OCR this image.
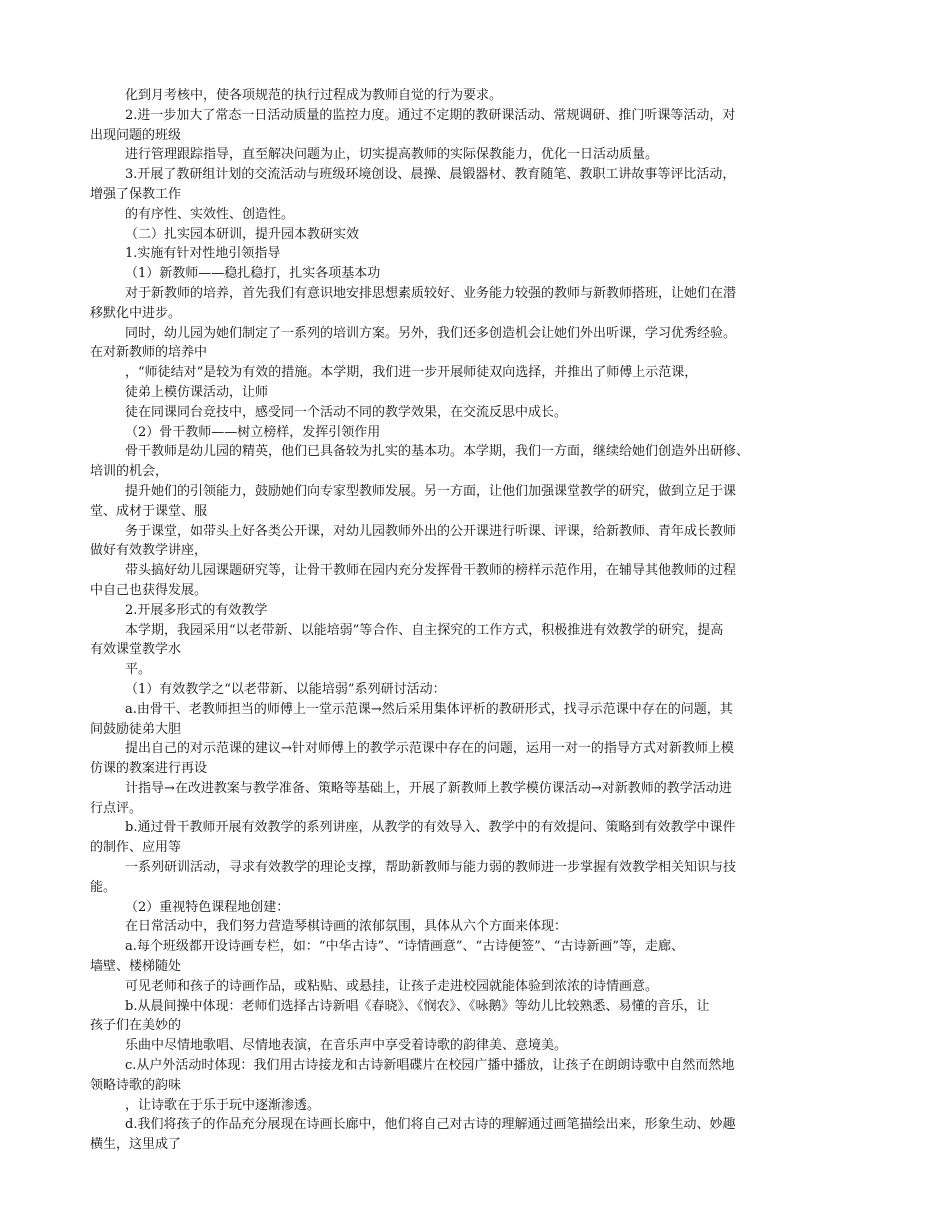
化到月考核中，使各项规范的执行过程成为教师自觉的行为要求。
2.进一步加大了常态一日活动质量的监控力度。通过不定期的教研课活动、常规调研、推门听课等活动，对
出现问题的班级
进行管理跟踪指导，直至解决问题为止，切实提高教师的实际保教能力，优化一日活动质量。
3.开展了教研组计划的交流活动与班级环境创设、晨操、晨锻器材、教育随笔、教职工讲故事等评比活动，
增强了保教工作
的有序性、实效性、创造性。
（二）扎实园本研训，提升园本教研实效
1.实施有针对性地引领指导
（1）新教师——稳扎稳打，扎实各项基本功
对于新教师的培养，首先我们有意识地安排思想素质较好、业务能力较强的教师与新教师搭班，让她们在潜
移默化中进步。
同时，幼儿园为她们制定了一系列的培训方案。另外，我们还多创造机会让她们外出听课，学习优秀经验。
在对新教师的培养中
，“师徒结对”是较为有效的措施。本学期，我们进一步开展师徒双向选择，并推出了师傅上示范课，
徒弟上模仿课活动，让师
徒在同课同台竞技中，感受同一个活动不同的教学效果，在交流反思中成长。
（2）骨干教师——树立榜样，发挥引领作用
骨干教师是幼儿园的精英，他们已具备较为扎实的基本功。本学期，我们一方面，继续给她们创造外出研修、
培训的机会，
提升她们的引领能力，鼓励她们向专家型教师发展。另一方面，让他们加强课堂教学的研究，做到立足于课
堂、成材于课堂、服
务于课堂，如带头上好各类公开课，对幼儿园教师外出的公开课进行听课、评课，给新教师、青年成长教师
做好有效教学讲座，
带头搞好幼儿园课题研究等，让骨干教师在园内充分发挥骨干教师的榜样示范作用，在辅导其他教师的过程
中自己也获得发展。
2.开展多形式的有效教学
本学期，我园采用“以老带新、以能培弱”等合作、自主探究的工作方式，积极推进有效教学的研究，提高
有效课堂教学水
平。
（1）有效教学之“以老带新、以能培弱”系列研讨活动：
a.由骨干、老教师担当的师傅上一堂示范课→然后采用集体评析的教研形式，找寻示范课中存在的问题，其
间鼓励徒弟大胆
提出自己的对示范课的建议→针对师傅上的教学示范课中存在的问题，运用一对一的指导方式对新教师上模
仿课的教案进行再设
计指导→在改进教案与教学准备、策略等基础上，开展了新教师上教学模仿课活动→对新教师的教学活动进
行点评。
b.通过骨干教师开展有效教学的系列讲座，从教学的有效导入、教学中的有效提问、策略到有效教学中课件
的制作、应用等
一系列研训活动，寻求有效教学的理论支撑，帮助新教师与能力弱的教师进一步掌握有效教学相关知识与技
能。
（2）重视特色课程地创建：
在日常活动中，我们努力营造琴棋诗画的浓郁氛围，具体从六个方面来体现：
a.每个班级都开设诗画专栏，如：“中华古诗”、“诗情画意”、“古诗便签”、“古诗新画”等，走廊、
墙壁、楼梯随处
可见老师和孩子的诗画作品，或粘贴、或悬挂，让孩子走进校园就能体验到浓浓的诗情画意。
b.从晨间操中体现：老师们选择古诗新唱《春晓》、《悯农》、《咏鹅》等幼儿比较熟悉、易懂的音乐，让
孩子们在美妙的
乐曲中尽情地歌唱、尽情地表演，在音乐声中享受着诗歌的韵律美、意境美。
c.从户外活动时体现：我们用古诗接龙和古诗新唱碟片在校园广播中播放，让孩子在朗朗诗歌中自然而然地
领略诗歌的韵味
，让诗歌在于乐于玩中逐渐渗透。
d.我们将孩子的作品充分展现在诗画长廊中，他们将自己对古诗的理解通过画笔描绘出来，形象生动、妙趣
横生，这里成了
